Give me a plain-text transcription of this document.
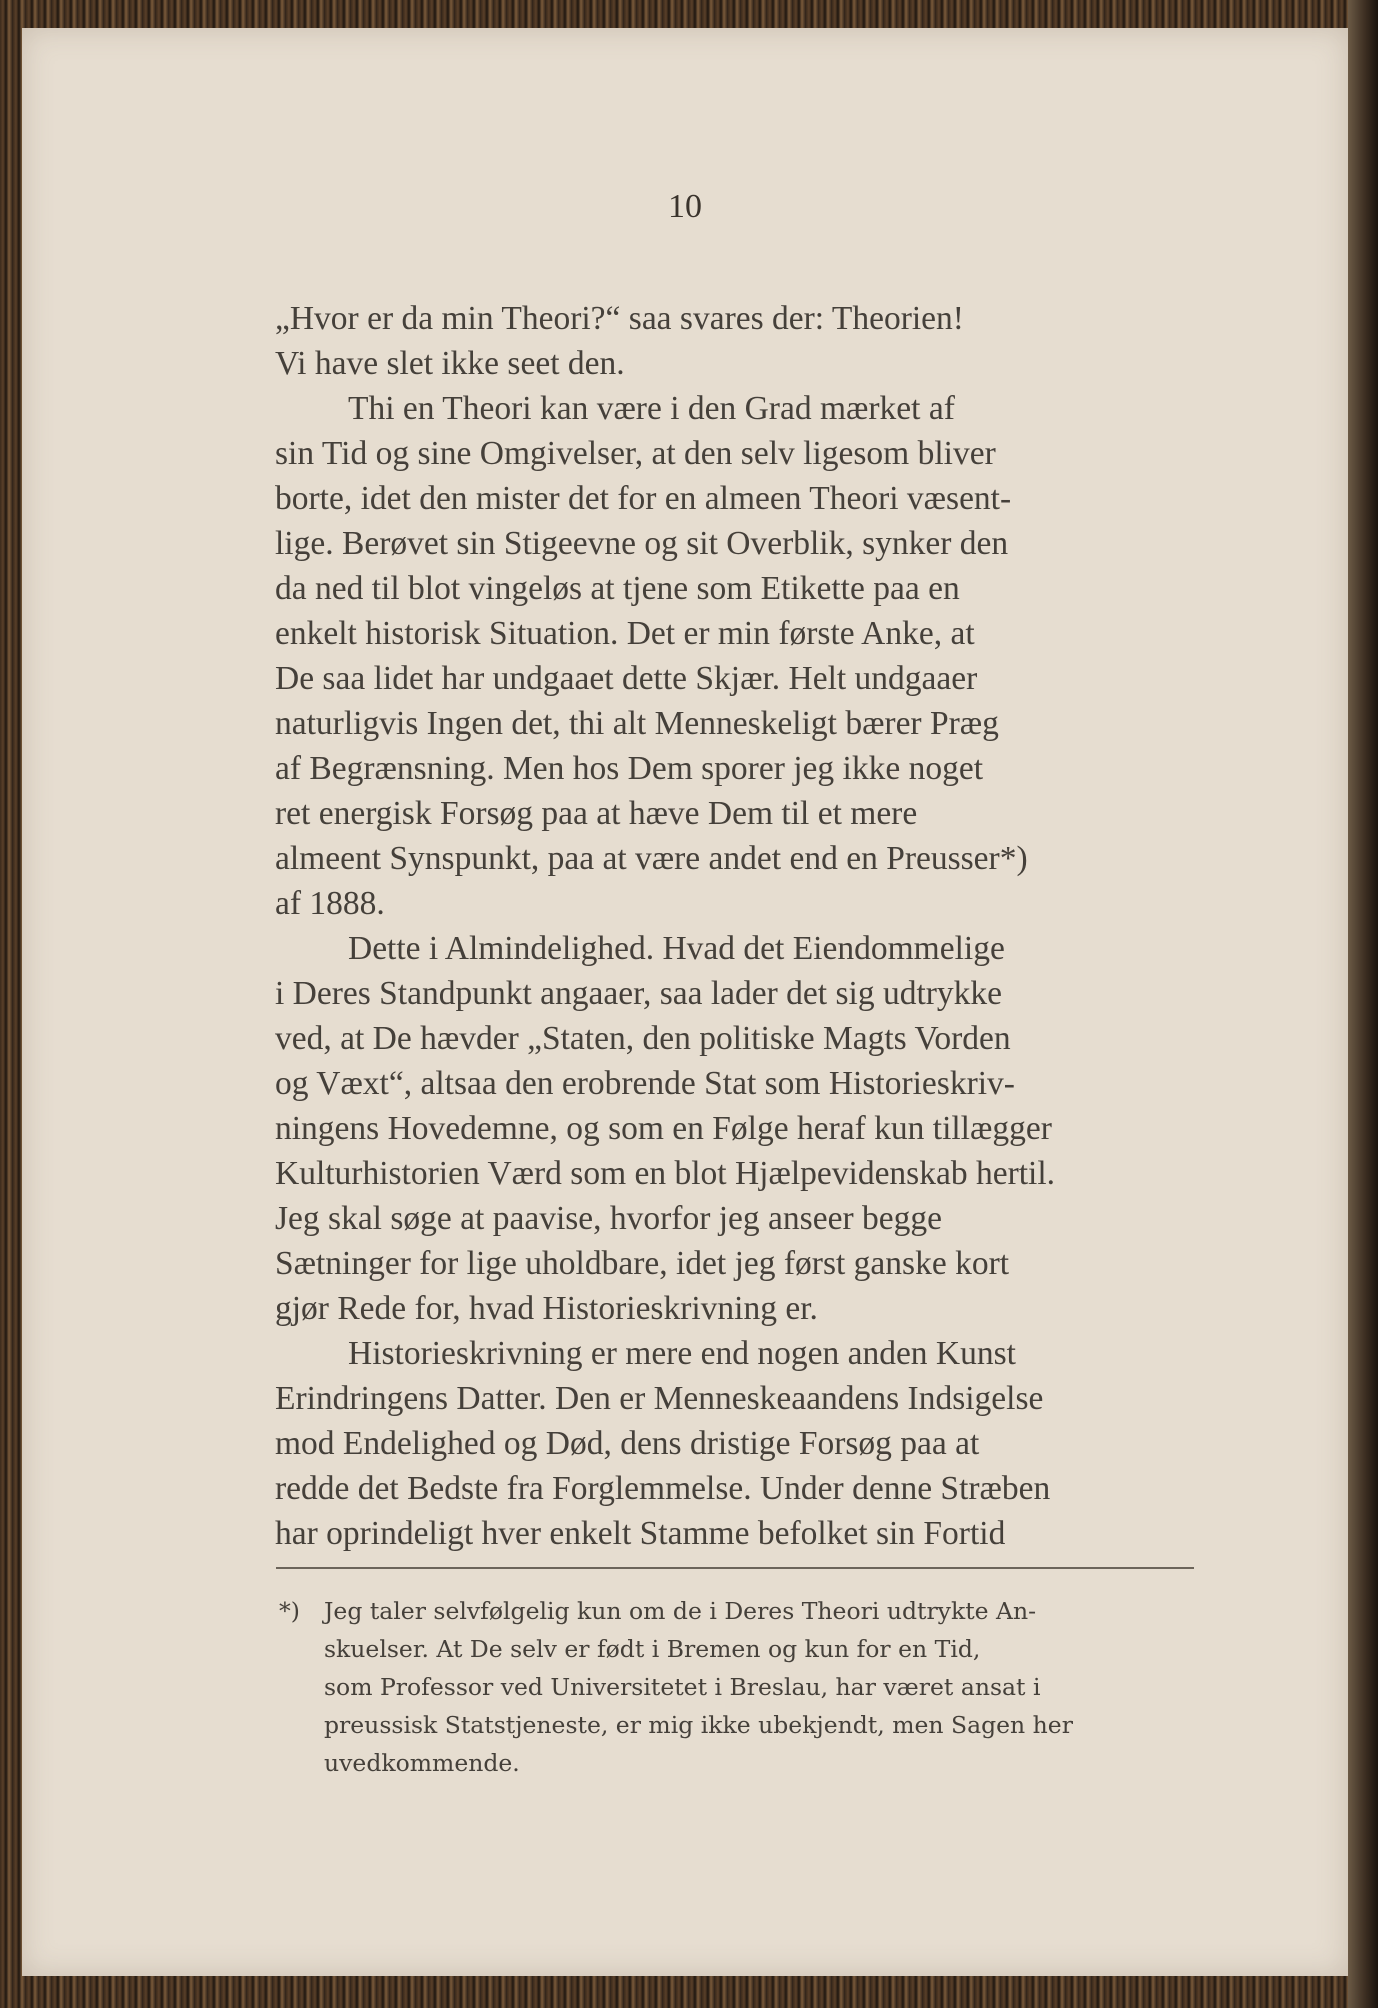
10

„Hvor er da min Theori?“ saa svares der: Theorien!
Vi have slet ikke seet den.

Thi en Theori kan være i den Grad mærket af
sin Tid og sine Omgivelser, at den selv ligesom bliver
borte, idet den mister det for en almeen Theori væsent-
lige. Berøvet sin Stigeevne og sit Overblik, synker den
da ned til blot vingeløs at tjene som Etikette paa en
enkelt historisk Situation. Det er min første Anke, at
De saa lidet har undgaaet dette Skjær. Helt undgaaer
naturligvis Ingen det, thi alt Menneskeligt bærer Præg
af Begrænsning. Men hos Dem sporer jeg ikke noget
ret energisk Forsøg paa at hæve Dem til et mere
almeent Synspunkt, paa at være andet end en Preusser*)
af 1888.

Dette i Almindelighed. Hvad det Eiendommelige
i Deres Standpunkt angaaer, saa lader det sig udtrykke
ved, at De hævder „Staten, den politiske Magts Vorden
og Væxt“, altsaa den erobrende Stat som Historieskriv-
ningens Hovedemne, og som en Følge heraf kun tillægger
Kulturhistorien Værd som en blot Hjælpevidenskab hertil.
Jeg skal søge at paavise, hvorfor jeg anseer begge
Sætninger for lige uholdbare, idet jeg først ganske kort
gjør Rede for, hvad Historieskrivning er.

Historieskrivning er mere end nogen anden Kunst
Erindringens Datter. Den er Menneskeaandens Indsigelse
mod Endelighed og Død, dens dristige Forsøg paa at
redde det Bedste fra Forglemmelse. Under denne Stræben
har oprindeligt hver enkelt Stamme befolket sin Fortid

*) Jeg taler selvfølgelig kun om de i Deres Theori udtrykte An-
skuelser. At De selv er født i Bremen og kun for en Tid,
som Professor ved Universitetet i Breslau, har været ansat i
preussisk Statstjeneste, er mig ikke ubekjendt, men Sagen her
uvedkommende.
